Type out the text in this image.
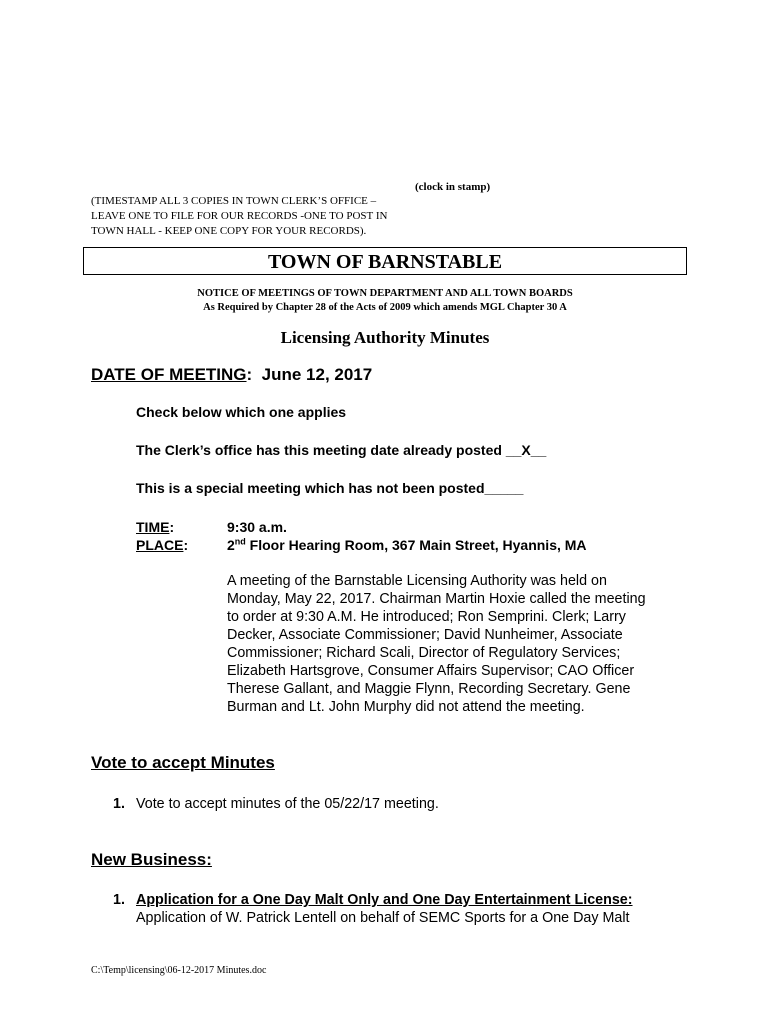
(clock in stamp)
(TIMESTAMP ALL 3 COPIES IN TOWN CLERK’S OFFICE –
LEAVE ONE TO FILE FOR OUR RECORDS -ONE TO POST IN
TOWN HALL - KEEP ONE COPY FOR YOUR RECORDS).
TOWN OF BARNSTABLE
NOTICE OF MEETINGS OF TOWN DEPARTMENT AND ALL TOWN BOARDS
As Required by Chapter 28 of the Acts of 2009 which amends MGL Chapter 30 A
Licensing Authority Minutes
DATE OF MEETING: June 12, 2017
Check below which one applies
The Clerk’s office has this meeting date already posted __X__
This is a special meeting which has not been posted_____
TIME:	9:30 a.m.
PLACE:	2nd Floor Hearing Room, 367 Main Street, Hyannis, MA
A meeting of the Barnstable Licensing Authority was held on
Monday, May 22, 2017. Chairman Martin Hoxie called the meeting
to order at 9:30 A.M. He introduced; Ron Semprini. Clerk; Larry
Decker, Associate Commissioner; David Nunheimer, Associate
Commissioner; Richard Scali, Director of Regulatory Services;
Elizabeth Hartsgrove, Consumer Affairs Supervisor; CAO Officer
Therese Gallant, and Maggie Flynn, Recording Secretary. Gene
Burman and Lt. John Murphy did not attend the meeting.
Vote to accept Minutes
1. Vote to accept minutes of the 05/22/17 meeting.
New Business:
1. Application for a One Day Malt Only and One Day Entertainment License:
Application of W. Patrick Lentell on behalf of SEMC Sports for a One Day Malt
C:\Temp\licensing\06-12-2017 Minutes.doc
